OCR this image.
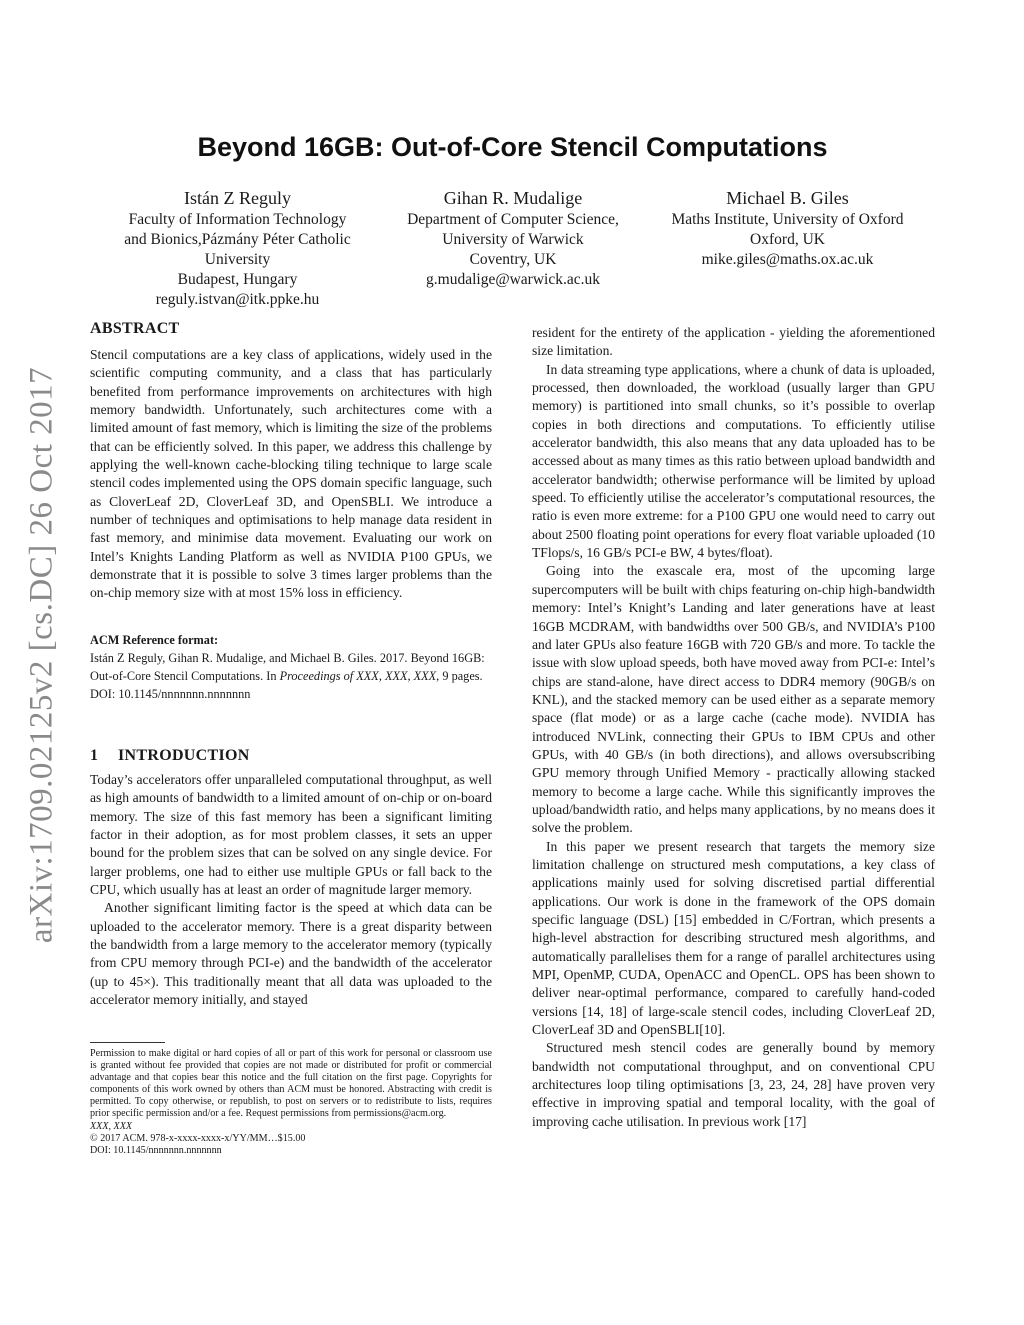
arXiv:1709.02125v2 [cs.DC] 26 Oct 2017
Beyond 16GB: Out-of-Core Stencil Computations
Istán Z Reguly
Faculty of Information Technology
and Bionics,Pázmány Péter Catholic
University
Budapest, Hungary
reguly.istvan@itk.ppke.hu
Gihan R. Mudalige
Department of Computer Science,
University of Warwick
Coventry, UK
g.mudalige@warwick.ac.uk
Michael B. Giles
Maths Institute, University of Oxford
Oxford, UK
mike.giles@maths.ox.ac.uk
ABSTRACT

Stencil computations are a key class of applications, widely used in the scientific computing community, and a class that has particularly benefited from performance improvements on architectures with high memory bandwidth. Unfortunately, such architectures come with a limited amount of fast memory, which is limiting the size of the problems that can be efficiently solved. In this paper, we address this challenge by applying the well-known cache-blocking tiling technique to large scale stencil codes implemented using the OPS domain specific language, such as CloverLeaf 2D, CloverLeaf 3D, and OpenSBLI. We introduce a number of techniques and optimisations to help manage data resident in fast memory, and minimise data movement. Evaluating our work on Intel’s Knights Landing Platform as well as NVIDIA P100 GPUs, we demonstrate that it is possible to solve 3 times larger problems than the on-chip memory size with at most 15% loss in efficiency.

ACM Reference format:
Istán Z Reguly, Gihan R. Mudalige, and Michael B. Giles. 2017. Beyond 16GB: Out-of-Core Stencil Computations. In Proceedings of XXX, XXX, XXX, 9 pages.
DOI: 10.1145/nnnnnnn.nnnnnnn
1 INTRODUCTION

Today’s accelerators offer unparalleled computational throughput, as well as high amounts of bandwidth to a limited amount of on-chip or on-board memory. The size of this fast memory has been a significant limiting factor in their adoption, as for most problem classes, it sets an upper bound for the problem sizes that can be solved on any single device. For larger problems, one had to either use multiple GPUs or fall back to the CPU, which usually has at least an order of magnitude larger memory.

Another significant limiting factor is the speed at which data can be uploaded to the accelerator memory. There is a great disparity between the bandwidth from a large memory to the accelerator memory (typically from CPU memory through PCI-e) and the bandwidth of the accelerator (up to 45×). This traditionally meant that all data was uploaded to the accelerator memory initially, and stayed

Permission to make digital or hard copies of all or part of this work for personal or classroom use is granted without fee provided that copies are not made or distributed for profit or commercial advantage and that copies bear this notice and the full citation on the first page. Copyrights for components of this work owned by others than ACM must be honored. Abstracting with credit is permitted. To copy otherwise, or republish, to post on servers or to redistribute to lists, requires prior specific permission and/or a fee. Request permissions from permissions@acm.org.

XXX, XXX

© 2017 ACM. 978-x-xxxx-xxxx-x/YY/MM…$15.00

DOI: 10.1145/nnnnnnn.nnnnnnn

resident for the entirety of the application - yielding the aforementioned size limitation.

In data streaming type applications, where a chunk of data is uploaded, processed, then downloaded, the workload (usually larger than GPU memory) is partitioned into small chunks, so it’s possible to overlap copies in both directions and computations. To efficiently utilise accelerator bandwidth, this also means that any data uploaded has to be accessed about as many times as this ratio between upload bandwidth and accelerator bandwidth; otherwise performance will be limited by upload speed. To efficiently utilise the accelerator’s computational resources, the ratio is even more extreme: for a P100 GPU one would need to carry out about 2500 floating point operations for every float variable uploaded (10 TFlops/s, 16 GB/s PCI-e BW, 4 bytes/float).

Going into the exascale era, most of the upcoming large supercomputers will be built with chips featuring on-chip high-bandwidth memory: Intel’s Knight’s Landing and later generations have at least 16GB MCDRAM, with bandwidths over 500 GB/s, and NVIDIA’s P100 and later GPUs also feature 16GB with 720 GB/s and more. To tackle the issue with slow upload speeds, both have moved away from PCI-e: Intel’s chips are stand-alone, have direct access to DDR4 memory (90GB/s on KNL), and the stacked memory can be used either as a separate memory space (flat mode) or as a large cache (cache mode). NVIDIA has introduced NVLink, connecting their GPUs to IBM CPUs and other GPUs, with 40 GB/s (in both directions), and allows oversubscribing GPU memory through Unified Memory - practically allowing stacked memory to become a large cache. While this significantly improves the upload/bandwidth ratio, and helps many applications, by no means does it solve the problem.

In this paper we present research that targets the memory size limitation challenge on structured mesh computations, a key class of applications mainly used for solving discretised partial differential applications. Our work is done in the framework of the OPS domain specific language (DSL) [15] embedded in C/Fortran, which presents a high-level abstraction for describing structured mesh algorithms, and automatically parallelises them for a range of parallel architectures using MPI, OpenMP, CUDA, OpenACC and OpenCL. OPS has been shown to deliver near-optimal performance, compared to carefully hand-coded versions [14, 18] of large-scale stencil codes, including CloverLeaf 2D, CloverLeaf 3D and OpenSBLI[10].

Structured mesh stencil codes are generally bound by memory bandwidth not computational throughput, and on conventional CPU architectures loop tiling optimisations [3, 23, 24, 28] have proven very effective in improving spatial and temporal locality, with the goal of improving cache utilisation. In previous work [17]
